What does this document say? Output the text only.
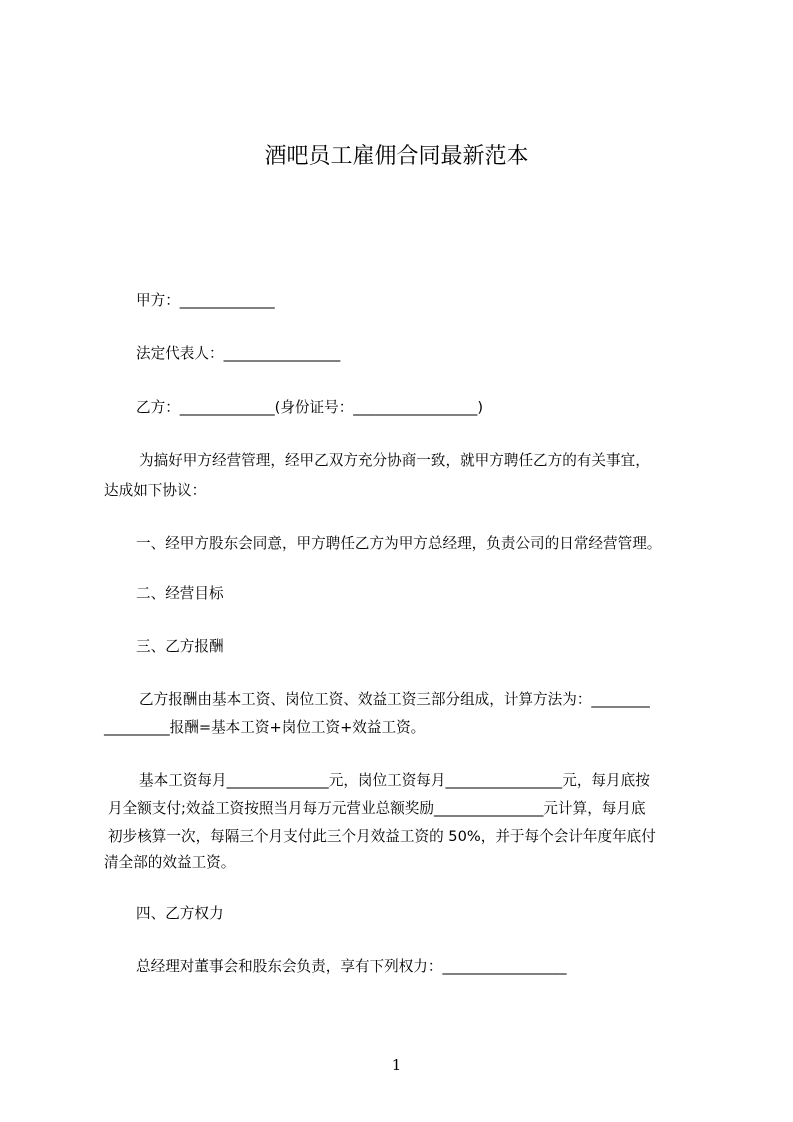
酒吧员工雇佣合同最新范本
甲方：_____________
法定代表人：________________
乙方：_____________(身份证号：_________________)
为搞好甲方经营管理，经甲乙双方充分协商一致，就甲方聘任乙方的有关事宜，
达成如下协议：
一、经甲方股东会同意，甲方聘任乙方为甲方总经理，负责公司的日常经营管理。
二、经营目标
三、乙方报酬
乙方报酬由基本工资、岗位工资、效益工资三部分组成，计算方法为：________
_________报酬=基本工资+岗位工资+效益工资。
基本工资每月______________元，岗位工资每月________________元，每月底按
月全额支付;效益工资按照当月每万元营业总额奖励_______________元计算，每月底
初步核算一次，每隔三个月支付此三个月效益工资的 50%，并于每个会计年度年底付
清全部的效益工资。
四、乙方权力
总经理对董事会和股东会负责，享有下列权力：_________________
1
